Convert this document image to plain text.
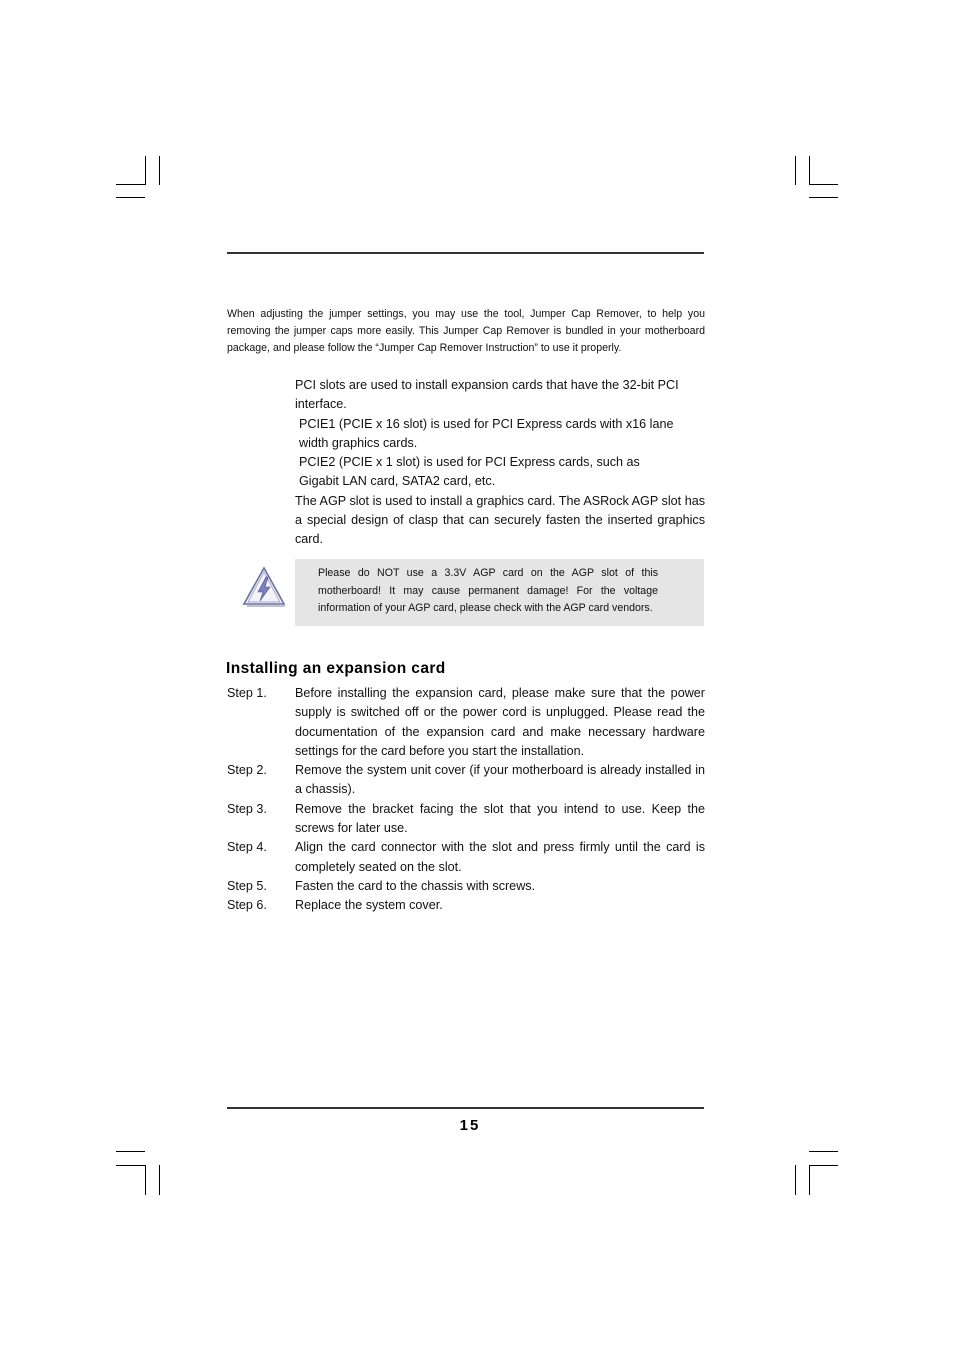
When adjusting the jumper settings, you may use the tool, Jumper Cap Remover, to help you removing the jumper caps more easily. This Jumper Cap Remover is bundled in your motherboard package, and please follow the “Jumper Cap Remover Instruction” to use it properly.

PCI slots are used to install expansion cards that have the 32-bit PCI interface.

PCIE1 (PCIE x 16 slot) is used for PCI Express cards with x16 lane width graphics cards.

PCIE2 (PCIE x 1 slot) is used for PCI Express cards, such as

Gigabit LAN card, SATA2 card, etc.

The AGP slot is used to install a graphics card. The ASRock AGP slot has a special design of clasp that can securely fasten the inserted graphics card.

Please do NOT use a 3.3V AGP card on the AGP slot of this motherboard! It may cause permanent damage! For the voltage information of your AGP card, please check with the AGP card vendors.

Installing an expansion card
Step 1.	Before installing the expansion card, please make sure that the power supply is switched off or the power cord is unplugged. Please read the documentation of the expansion card and make necessary hardware settings for the card before you start the installation.
Step 2.	Remove the system unit cover (if your motherboard is already installed in a chassis).
Step 3.	Remove the bracket facing the slot that you intend to use. Keep the screws for later use.
Step 4.	Align the card connector with the slot and press firmly until the card is completely seated on the slot.
Step 5.	Fasten the card to the chassis with screws.
Step 6.	Replace the system cover.
15
